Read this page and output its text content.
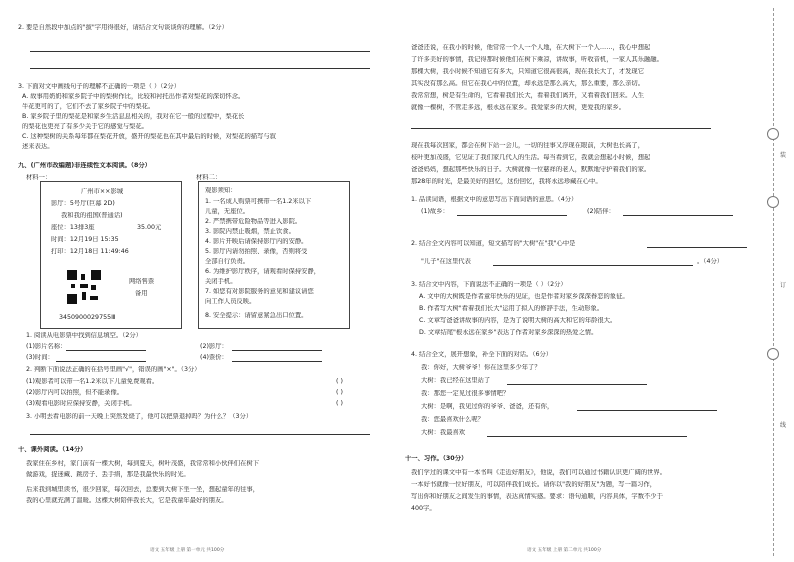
2. 要是自然段中加点的"拔"字用得很好，请结合文句谈谈你的理解。（2分）
3. 下面对文中画线句子的理解不正确的一项是（ ）（2分）
A. 故事用奶奶和家乡院子中的梨树作比，比较和衬托出作者对梨花的深切怀念。
牛花更可的了，它们不去了家乡院子中的梨花。
B. 家乡院子里的梨花是和家乡生活息息相关的，我对在它一般的过程中，梨花长
的梨花也更亮了有多少关于它的感觉与梨花。
C. 这种梨树的关系每年都在梨花开放，盛开的梨花也在其中最后的时候，对梨花的描写与叙
述来表达。
九、(广州市改编题)非连续性文本阅读。（8分）
材料一：	材料二：
广州市××影城
影厅：5号厅(巨幕 2D)
我和我的祖国(普通话)
座位：13排3座	35.00元
时间：12月19日 15:35
打印：12月18日 11:49:46
网络售票
备用
3450900029755Ⅲ
观影须知：
1. 一名成人购票可携带一名1.2米以下
儿童，无座位。
2. 严禁携带危险物品等进入影院。
3. 影院内禁止吸烟，禁止饮食。
4. 影片开映后请保持影厅内的安静。
5. 影厅内请勿拍照、录像，否则将受
全部自行负责。
6. 为维护影厅秩序，请观看时保持安静，
关闭手机。
7. 如您有对影院服务的意见和建议请您
向工作人员反映。
8. 安全提示：请留意紧急出口位置。
1. 阅读从电影票中找到信息填空。（2分）
(1)影片名称：	(2)影厅：
(3)时间：	(4)票价：
2. 判断下面说法正确的在括号里画"√"，错误的画"×"。（3分）
(1)观影者可以带一名1.2米以下儿童免费观看。	( )
(2)影厅内可以拍照，但不能录像。	( )
(3)观看电影时应保持安静，关闭手机。	( )
3. 小明去看电影的前一天晚上突然发烧了，他可以把票退掉吗？为什么？（3分）
十、课外阅读。（14分）
我家住在乡村，家门前有一棵大树，每到夏天，树叶茂盛，我常常和小伙伴们在树下
做游戏，捉迷藏、跳房子、丢手绢，那是我最快乐的时光。
后来我到城里读书，很少回家，每次回去，总要到大树下坐一坐，想起童年的往事，
我的心里就充满了温暖。这棵大树陪伴我长大，它是我童年最好的朋友。
语文 五年级 上册 第一单元 共100分
爸爸还说，在我小的时候，他常常一个人一个人地，在大树下一个人……，我心中想起
了许多美好的事情，我记得那时候他们在树下乘凉，讲故事，听收音机，一家人其乐融融。
那棵大树，我小时候不知道它有多大，只知道它很高很高，现在我长大了，才发现它
其实没有那么高。但它在我心中的位置，却永远是那么高大，那么重要，那么亲切。
我常常想，树是有生命的，它看着我们长大，看着我们离开，又看着我们回来。人生
就像一棵树，不管走多远，根永远在家乡。我爱家乡的大树，更爱我的家乡。
现在我每次回家，都会在树下站一会儿，一切的往事又浮现在眼前，大树也长高了，
枝叶更加茂盛，它见证了我们家几代人的生活。每当看到它，我就会想起小时候，想起
爸爸妈妈，想起那些快乐的日子。大树就像一位慈祥的老人，默默地守护着我们的家。
那28年的时光，是最美好的回忆，这份回忆，我将永远珍藏在心中。
1. 品读词语，根据文中的意思写出下面词语的意思。（4分）
(1)故乡：	(2)陪伴：
2. 结合全文内容可以知道，短文描写的"大树"在"我"心中是
"儿子"在这里代表	。（4分）
3. 结合文中内容，下面说法不正确的一项是（ ）（2分）
A. 文中的大树既是作者童年快乐的见证，也是作者对家乡深深眷恋的象征。
B. 作者写大树"看着我们长大"运用了拟人的修辞手法，生动形象。
C. 文章写爸爸讲故事的内容，是为了说明大树的高大和它的年龄很大。
D. 文章结尾"根永远在家乡"表达了作者对家乡深深的热爱之情。
4. 结合全文，展开想象，补全下面的对话。（6分）
我：你好，大树爷爷！你在这里多少年了？
大树：我已经在这里站了
我：那您一定见过很多事情吧？
大树：是啊，我见过你的爷爷、爸爸，还有你，
我：您最喜欢什么呢？
大树：我最喜欢
十一、习作。（30分）
我们学过的课文中有一本书叫《走近好朋友》，他说，我们可以通过书籍认识更广阔的世界。
一本好书就像一位好朋友，可以陪伴我们成长。请你以"我的好朋友"为题，写一篇习作，
写出你和好朋友之间发生的事情，表达真情实感。要求：语句通顺，内容具体，字数不少于
400字。
语文 五年级 上册 第二单元 共100分
装
订
线
